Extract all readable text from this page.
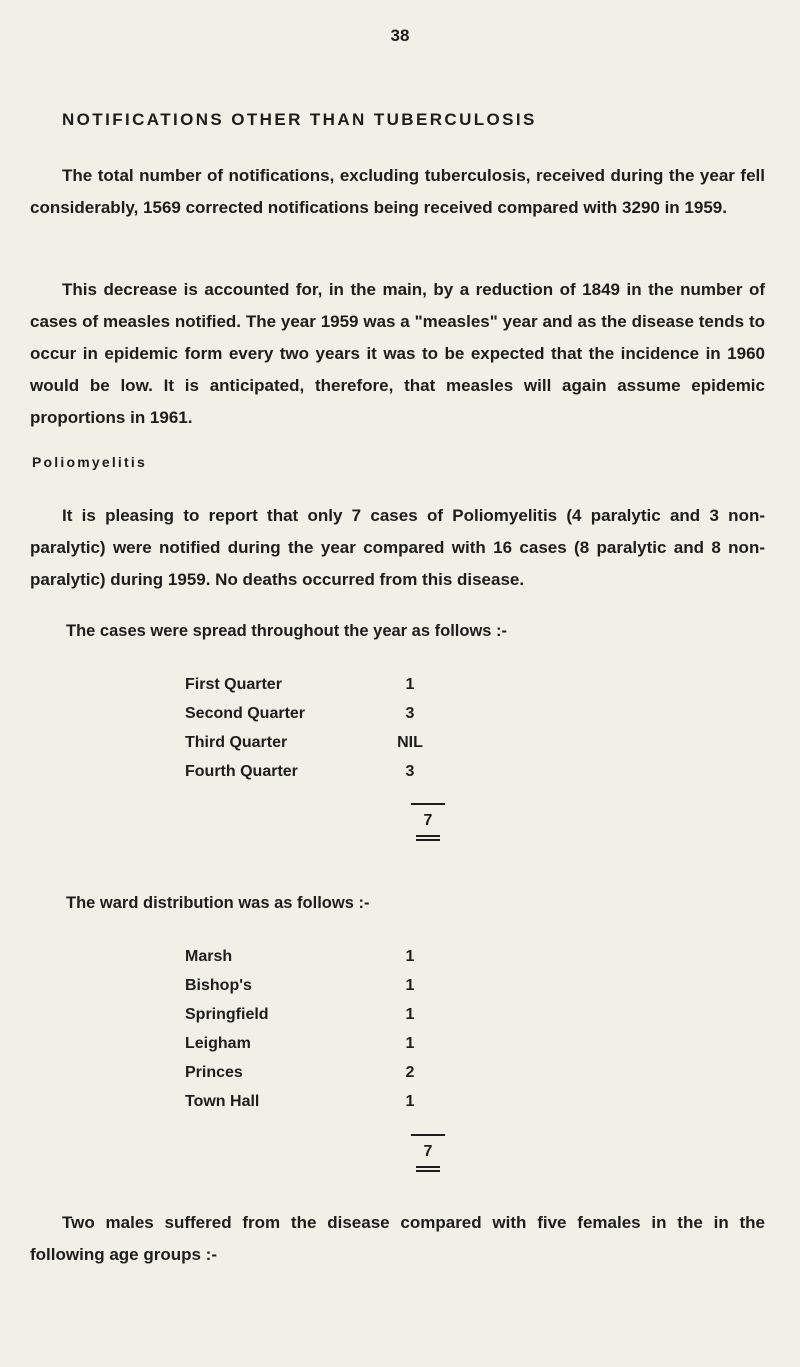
38
NOTIFICATIONS OTHER THAN TUBERCULOSIS

The total number of notifications, excluding tuberculosis, received during the year fell considerably, 1569 corrected notifications being received compared with 3290 in 1959.

This decrease is accounted for, in the main, by a reduction of 1849 in the number of cases of measles notified. The year 1959 was a "measles" year and as the disease tends to occur in epidemic form every two years it was to be expected that the incidence in 1960 would be low. It is anticipated, therefore, that measles will again assume epidemic proportions in 1961.

Poliomyelitis

It is pleasing to report that only 7 cases of Poliomyelitis (4 paralytic and 3 non-paralytic) were notified during the year compared with 16 cases (8 paralytic and 8 non-paralytic) during 1959. No deaths occurred from this disease.

The cases were spread throughout the year as follows :-
First Quarter	1
Second Quarter	3
Third Quarter	NIL
Fourth Quarter	3
7
The ward distribution was as follows :-
Marsh	1
Bishop's	1
Springfield	1
Leigham	1
Princes	2
Town Hall	1
7

Two males suffered from the disease compared with five females in the in the following age groups :-
